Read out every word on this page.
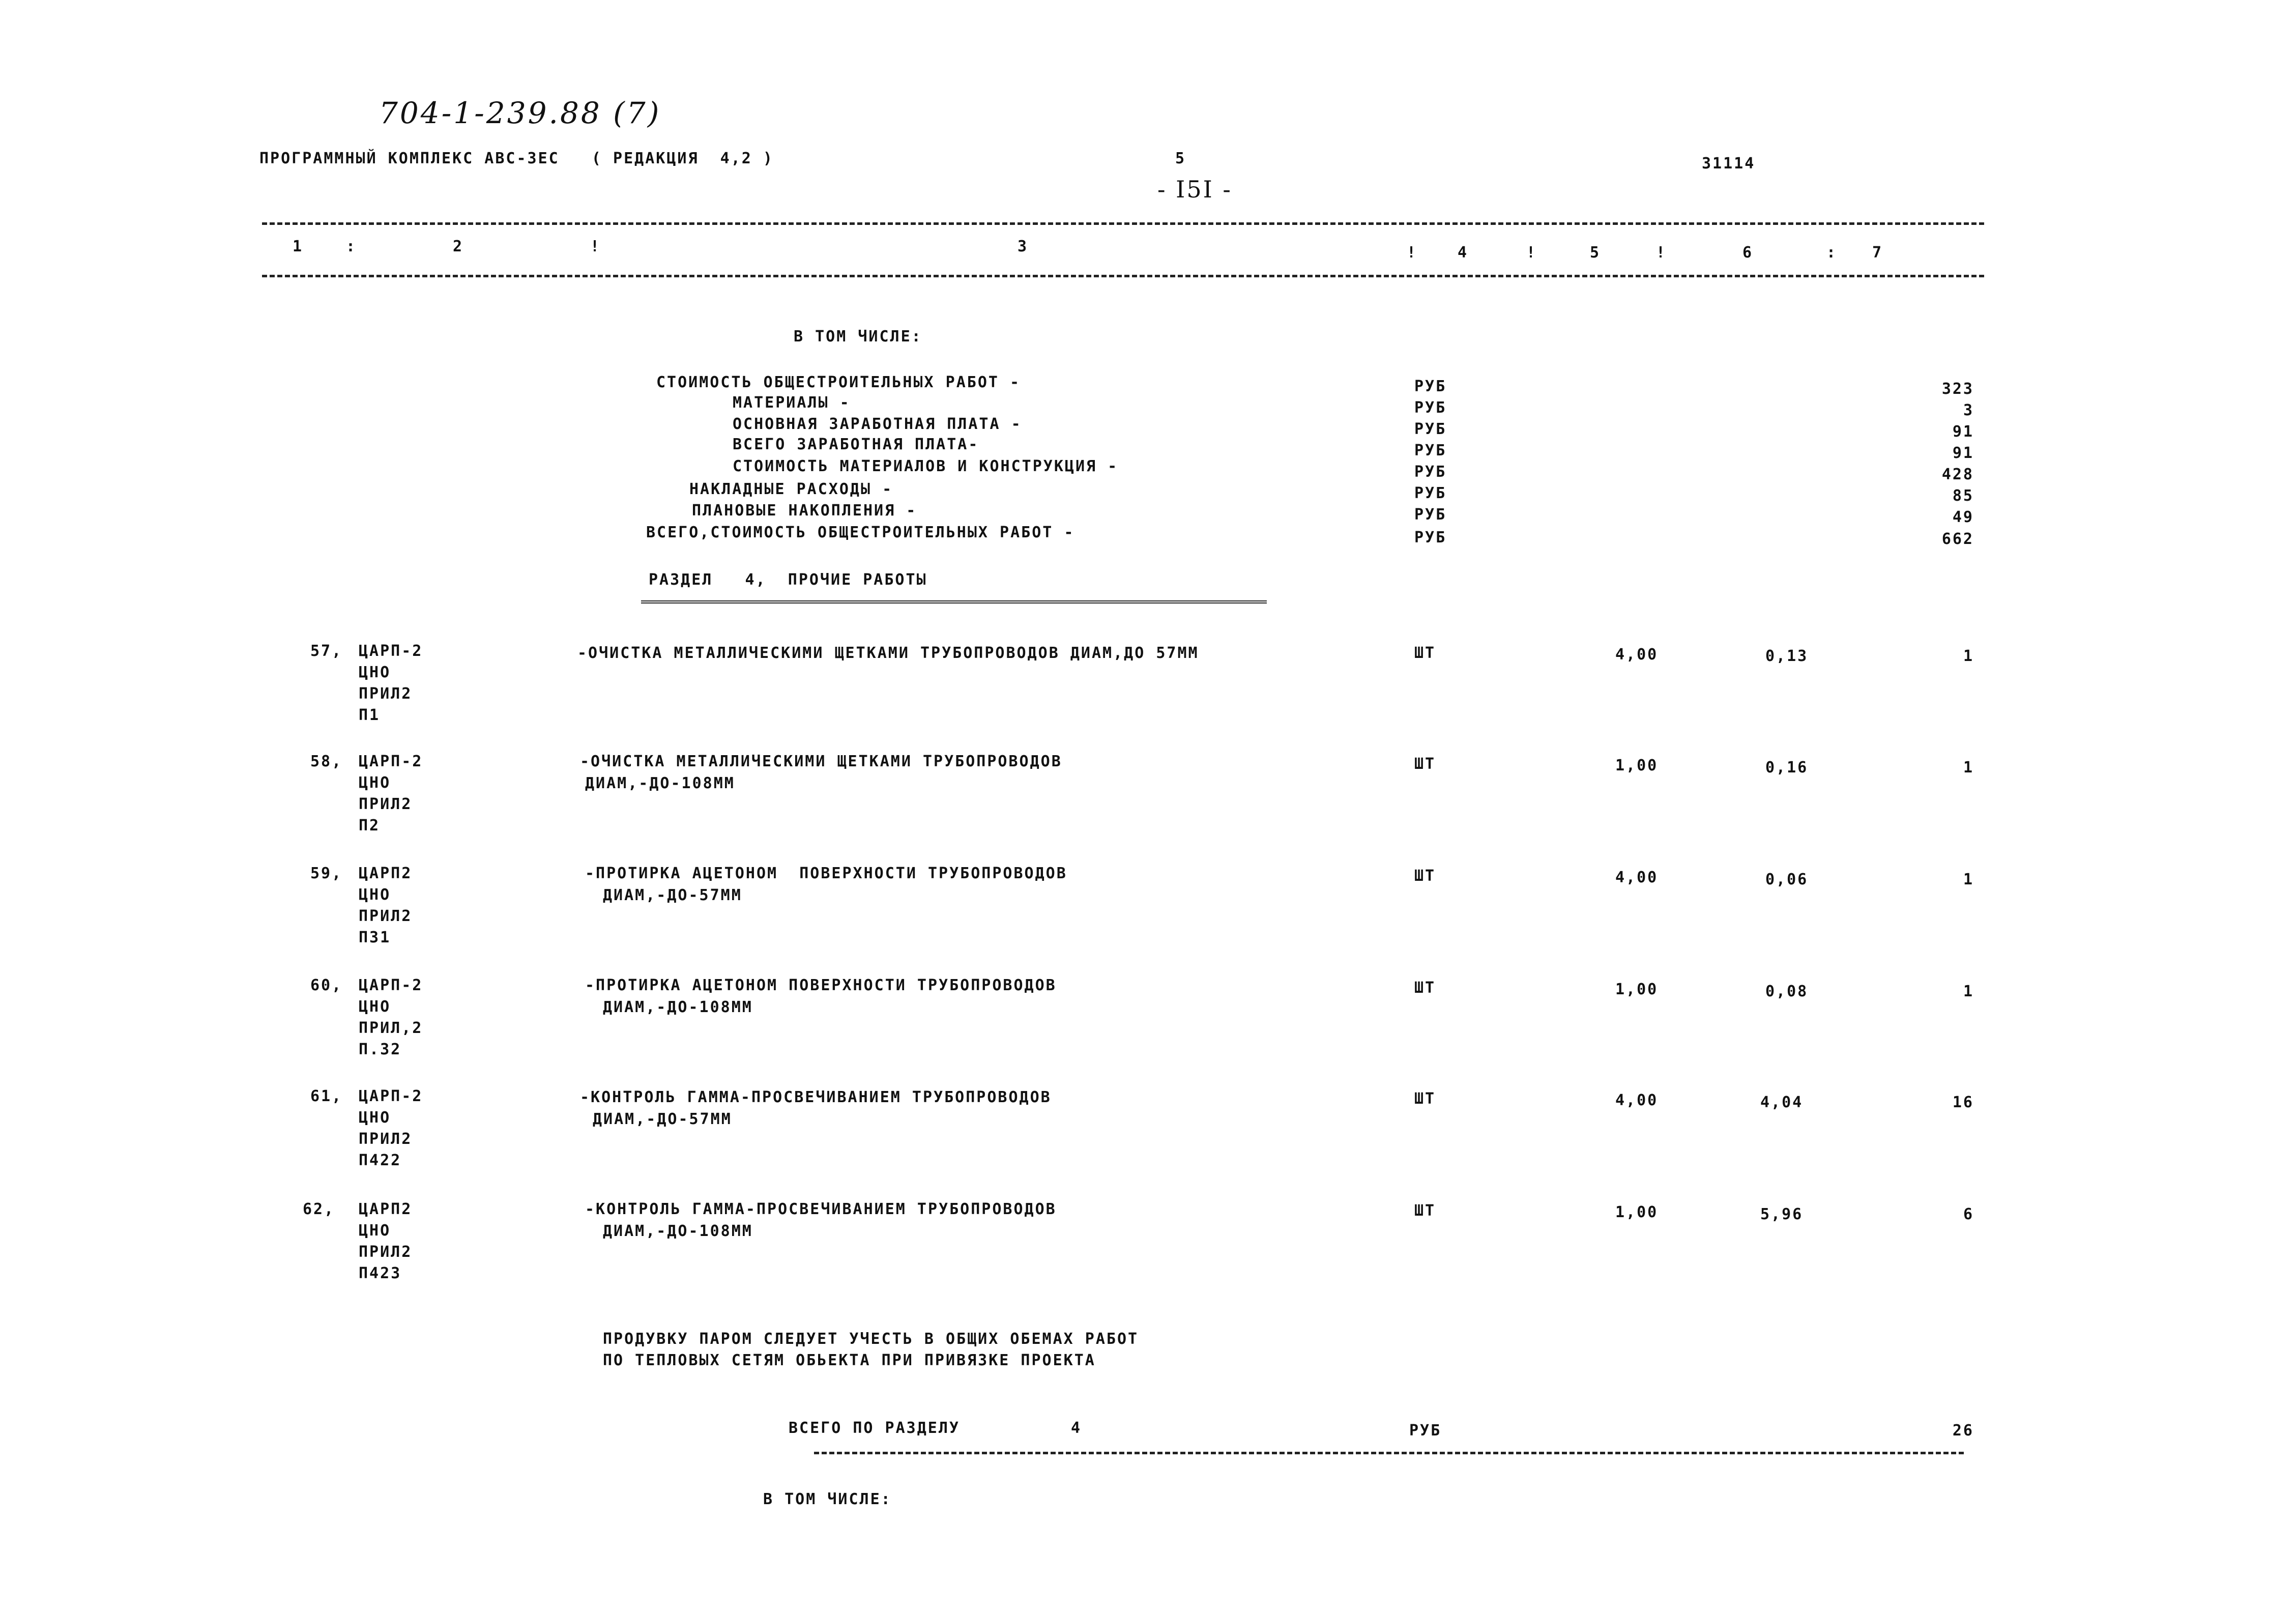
704-1-239.88 (7)
ПРОГРАММНЫЙ КОМПЛЕКС АВС-3ЕС   ( РЕДАКЦИЯ  4,2 )	5	31114
- I5I -
1	:	2	!	3	!	4	!	5	!	6	: 7
В ТОМ ЧИСЛЕ:
СТОИМОСТЬ ОБЩЕСТРОИТЕЛЬНЫХ РАБОТ -	РУБ	323
МАТЕРИАЛЫ -	РУБ	3
ОСНОВНАЯ ЗАРАБОТНАЯ ПЛАТА -	РУБ	91
ВСЕГО ЗАРАБОТНАЯ ПЛАТА-	РУБ	91
СТОИМОСТЬ МАТЕРИАЛОВ И КОНСТРУКЦИЯ -	РУБ	428
НАКЛАДНЫЕ РАСХОДЫ -	РУБ	85
ПЛАНОВЫЕ НАКОПЛЕНИЯ -	РУБ	49
ВСЕГО,СТОИМОСТЬ ОБЩЕСТРОИТЕЛЬНЫХ РАБОТ -	РУБ	662
РАЗДЕЛ   4,  ПРОЧИЕ РАБОТЫ
57, ЦАРП-2
ЦНО
ПРИЛ2
П1
-ОЧИСТКА МЕТАЛЛИЧЕСКИМИ ЩЕТКАМИ ТРУБОПРОВОДОВ ДИАМ,ДО 57ММ	ШТ	4,00	0,13	1
58, ЦАРП-2
ЦНО
ПРИЛ2
П2
-ОЧИСТКА МЕТАЛЛИЧЕСКИМИ ЩЕТКАМИ ТРУБОПРОВОДОВ
ДИАМ,-ДО-108ММ
ШТ	1,00	0,16	1
59, ЦАРП2
ЦНО
ПРИЛ2
П31
-ПРОТИРКА АЦЕТОНОМ  ПОВЕРХНОСТИ ТРУБОПРОВОДОВ
ДИАМ,-ДО-57ММ
ШТ	4,00	0,06	1
60, ЦАРП-2
ЦНО
ПРИЛ,2
П.32
-ПРОТИРКА АЦЕТОНОМ ПОВЕРХНОСТИ ТРУБОПРОВОДОВ
ДИАМ,-ДО-108ММ
ШТ	1,00	0,08	1
61, ЦАРП-2
ЦНО
ПРИЛ2
П422
-КОНТРОЛЬ ГАММА-ПРОСВЕЧИВАНИЕМ ТРУБОПРОВОДОВ
ДИАМ,-ДО-57ММ
ШТ	4,00	4,04	16
62, ЦАРП2
ЦНО
ПРИЛ2
П423
-КОНТРОЛЬ ГАММА-ПРОСВЕЧИВАНИЕМ ТРУБОПРОВОДОВ
ДИАМ,-ДО-108ММ
ШТ	1,00	5,96	6
ПРОДУВКУ ПАРОМ СЛЕДУЕТ УЧЕСТЬ В ОБЩИХ ОБЕМАХ РАБОТ
ПО ТЕПЛОВЫХ СЕТЯМ ОБЬЕКТА ПРИ ПРИВЯЗКЕ ПРОЕКТА
ВСЕГО ПО РАЗДЕЛУ	4	РУБ	26
В ТОМ ЧИСЛЕ:
